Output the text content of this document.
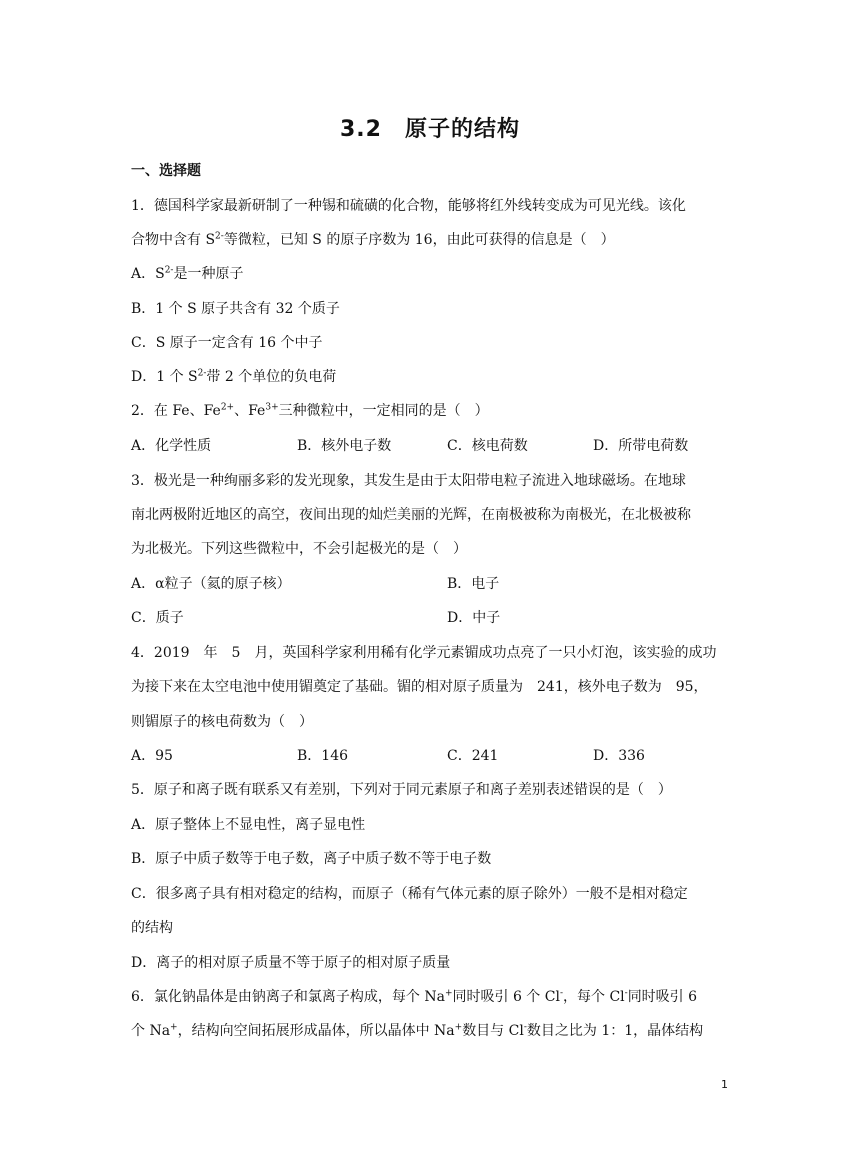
3.2　原子的结构
一、选择题
1．德国科学家最新研制了一种锡和硫磺的化合物，能够将红外线转变成为可见光线。该化
合物中含有 $S^{2-}$等微粒，已知 S 的原子序数为 16，由此可获得的信息是（　）
A．$S^{2-}$是一种原子
B．1 个 S 原子共含有 32 个质子
C．S 原子一定含有 16 个中子
D．1 个 $S^{2-}$带 2 个单位的负电荷
2．在 Fe、$Fe^{2+}$、$Fe^{3+}$三种微粒中，一定相同的是（　）
A．化学性质	B．核外电子数	C．核电荷数	D．所带电荷数
3．极光是一种绚丽多彩的发光现象，其发生是由于太阳带电粒子流进入地球磁场。在地球
南北两极附近地区的高空，夜间出现的灿烂美丽的光辉，在南极被称为南极光，在北极被称
为北极光。下列这些微粒中，不会引起极光的是（　）
A．α粒子（氦的原子核）	B．电子
C．质子	D．中子
4．2019　年　5　月，英国科学家利用稀有化学元素镅成功点亮了一只小灯泡，该实验的成功
为接下来在太空电池中使用镅奠定了基础。镅的相对原子质量为　241，核外电子数为　95，
则镅原子的核电荷数为（　）
A．95	B．146	C．241	D．336
5．原子和离子既有联系又有差别，下列对于同元素原子和离子差别表述错误的是（　）
A．原子整体上不显电性，离子显电性
B．原子中质子数等于电子数，离子中质子数不等于电子数
C．很多离子具有相对稳定的结构，而原子（稀有气体元素的原子除外）一般不是相对稳定
的结构
D．离子的相对原子质量不等于原子的相对原子质量
6．氯化钠晶体是由钠离子和氯离子构成，每个 Na+同时吸引 6 个 Cl-，每个 Cl-同时吸引 6
个 Na+，结构向空间拓展形成晶体，所以晶体中 Na+数目与 Cl-数目之比为 1：1，晶体结构
1
